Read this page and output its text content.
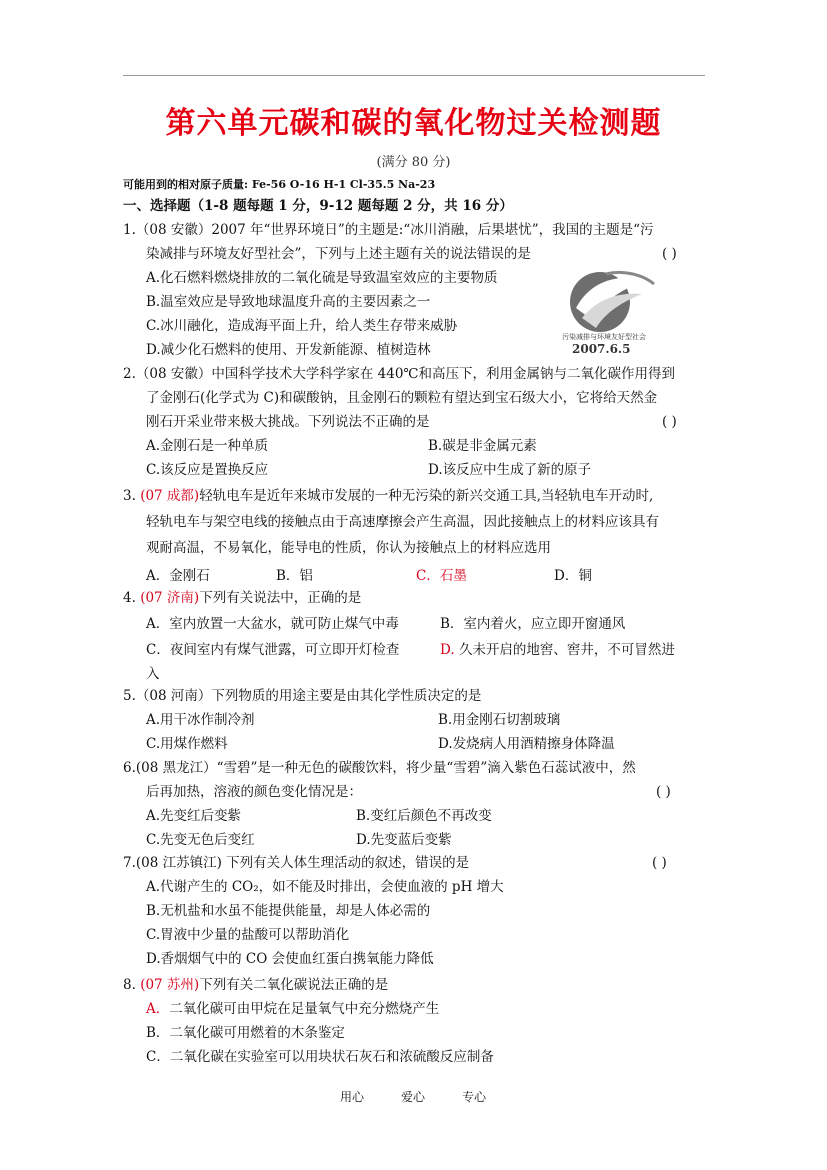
第六单元碳和碳的氧化物过关检测题
(满分 80 分)
可能用到的相对原子质量: Fe-56 O-16 H-1 Cl-35.5 Na-23
一、选择题（1-8 题每题 1 分，9-12 题每题 2 分，共 16 分）
1.（08 安徽）2007 年“世界环境日”的主题是:“冰川消融，后果堪忧”，我国的主题是“污
染减排与环境友好型社会”，下列与上述主题有关的说法错误的是	( )
A.化石燃料燃烧排放的二氧化硫是导致温室效应的主要物质
B.温室效应是导致地球温度升高的主要因素之一
C.冰川融化，造成海平面上升，给人类生存带来威胁
D.减少化石燃料的使用、开发新能源、植树造林
污染减排与环境友好型社会
2007.6.5
2.（08 安徽）中国科学技术大学科学家在 440℃和高压下，利用金属钠与二氧化碳作用得到
了金刚石(化学式为 C)和碳酸钠，且金刚石的颗粒有望达到宝石级大小，它将给天然金
刚石开采业带来极大挑战。下列说法不正确的是	( )
A.金刚石是一种单质	B.碳是非金属元素
C.该反应是置换反应	D.该反应中生成了新的原子
3. (07 成都)轻轨电车是近年来城市发展的一种无污染的新兴交通工具,当轻轨电车开动时,
轻轨电车与架空电线的接触点由于高速摩擦会产生高温，因此接触点上的材料应该具有
观耐高温，不易氧化，能导电的性质，你认为接触点上的材料应选用
A．金刚石	B．铝	C．石墨	D．铜
4. (07 济南)下列有关说法中，正确的是
A．室内放置一大盆水，就可防止煤气中毒	B．室内着火，应立即开窗通风
C．夜间室内有煤气泄露，可立即开灯检查	D. 久未开启的地窖、窖井，不可冒然进
入
5.（08 河南）下列物质的用途主要是由其化学性质决定的是
A.用干冰作制冷剂	B.用金刚石切割玻璃
C.用煤作燃料	D.发烧病人用酒精擦身体降温
6.(08 黑龙江）“雪碧”是一种无色的碳酸饮料，将少量“雪碧”滴入紫色石蕊试液中，然
后再加热，溶液的颜色变化情况是：	( )
A.先变红后变紫	B.变红后颜色不再改变
C.先变无色后变红	D.先变蓝后变紫
7.(08 江苏镇江) 下列有关人体生理活动的叙述，错误的是	( )
A.代谢产生的 CO₂，如不能及时排出，会使血液的 pH 增大
B.无机盐和水虽不能提供能量，却是人体必需的
C.胃液中少量的盐酸可以帮助消化
D.香烟烟气中的 CO 会使血红蛋白携氧能力降低
8. (07 苏州)下列有关二氧化碳说法正确的是
A．二氧化碳可由甲烷在足量氧气中充分燃烧产生
B．二氧化碳可用燃着的木条鉴定
C．二氧化碳在实验室可以用块状石灰石和浓硫酸反应制备
用心	爱心	专心
